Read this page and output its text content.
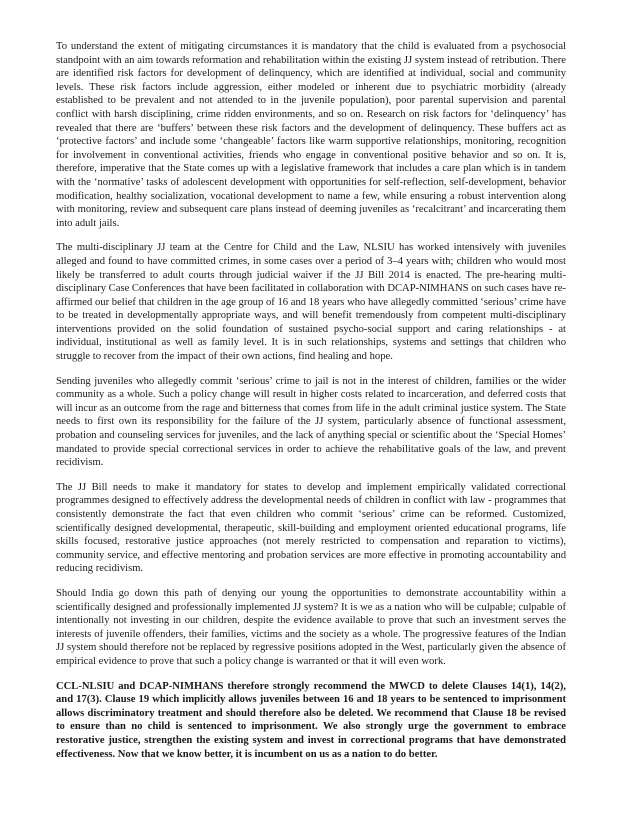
To understand the extent of mitigating circumstances it is mandatory that the child is evaluated from a psychosocial standpoint with an aim towards reformation and rehabilitation within the existing JJ system instead of retribution. There are identified risk factors for development of delinquency, which are identified at individual, social and community levels. These risk factors include aggression, either modeled or inherent due to psychiatric morbidity (already established to be prevalent and not attended to in the juvenile population), poor parental supervision and parental conflict with harsh disciplining, crime ridden environments, and so on. Research on risk factors for ‘delinquency’ has revealed that there are ‘buffers’ between these risk factors and the development of delinquency. These buffers act as ‘protective factors’ and include some ‘changeable’ factors like warm supportive relationships, monitoring, recognition for involvement in conventional activities, friends who engage in conventional positive behavior and so on. It is, therefore, imperative that the State comes up with a legislative framework that includes a care plan which is in tandem with the ‘normative’ tasks of adolescent development with opportunities for self-reflection, self-development, behavior modification, healthy socialization, vocational development to name a few, while ensuring a robust intervention along with monitoring, review and subsequent care plans instead of deeming juveniles as ‘recalcitrant’ and incarcerating them into adult jails.

The multi-disciplinary JJ team at the Centre for Child and the Law, NLSIU has worked intensively with juveniles alleged and found to have committed crimes, in some cases over a period of 3–4 years with; children who would most likely be transferred to adult courts through judicial waiver if the JJ Bill 2014 is enacted. The pre-hearing multi-disciplinary Case Conferences that have been facilitated in collaboration with DCAP-NIMHANS on such cases have re-affirmed our belief that children in the age group of 16 and 18 years who have allegedly committed ‘serious’ crime have to be treated in developmentally appropriate ways, and will benefit tremendously from competent multi-disciplinary interventions provided on the solid foundation of sustained psycho-social support and caring relationships - at individual, institutional as well as family level. It is in such relationships, systems and settings that children who struggle to recover from the impact of their own actions, find healing and hope.

Sending juveniles who allegedly commit ‘serious’ crime to jail is not in the interest of children, families or the wider community as a whole. Such a policy change will result in higher costs related to incarceration, and deferred costs that will incur as an outcome from the rage and bitterness that comes from life in the adult criminal justice system. The State needs to first own its responsibility for the failure of the JJ system, particularly absence of functional assessment, probation and counseling services for juveniles, and the lack of anything special or scientific about the ‘Special Homes’ mandated to provide special correctional services in order to achieve the rehabilitative goals of the law, and prevent recidivism.

The JJ Bill needs to make it mandatory for states to develop and implement empirically validated correctional programmes designed to effectively address the developmental needs of children in conflict with law - programmes that consistently demonstrate the fact that even children who commit ‘serious’ crime can be reformed. Customized, scientifically designed developmental, therapeutic, skill-building and employment oriented educational programs, life skills focused, restorative justice approaches (not merely restricted to compensation and reparation to victims), community service, and effective mentoring and probation services are more effective in promoting accountability and reducing recidivism.

Should India go down this path of denying our young the opportunities to demonstrate accountability within a scientifically designed and professionally implemented JJ system? It is we as a nation who will be culpable; culpable of intentionally not investing in our children, despite the evidence available to prove that such an investment serves the interests of juvenile offenders, their families, victims and the society as a whole. The progressive features of the Indian JJ system should therefore not be replaced by regressive positions adopted in the West, particularly given the absence of empirical evidence to prove that such a policy change is warranted or that it will even work.

CCL-NLSIU and DCAP-NIMHANS therefore strongly recommend the MWCD to delete Clauses 14(1), 14(2), and 17(3). Clause 19 which implicitly allows juveniles between 16 and 18 years to be sentenced to imprisonment allows discriminatory treatment and should therefore also be deleted. We recommend that Clause 18 be revised to ensure than no child is sentenced to imprisonment. We also strongly urge the government to embrace restorative justice, strengthen the existing system and invest in correctional programs that have demonstrated effectiveness. Now that we know better, it is incumbent on us as a nation to do better.
